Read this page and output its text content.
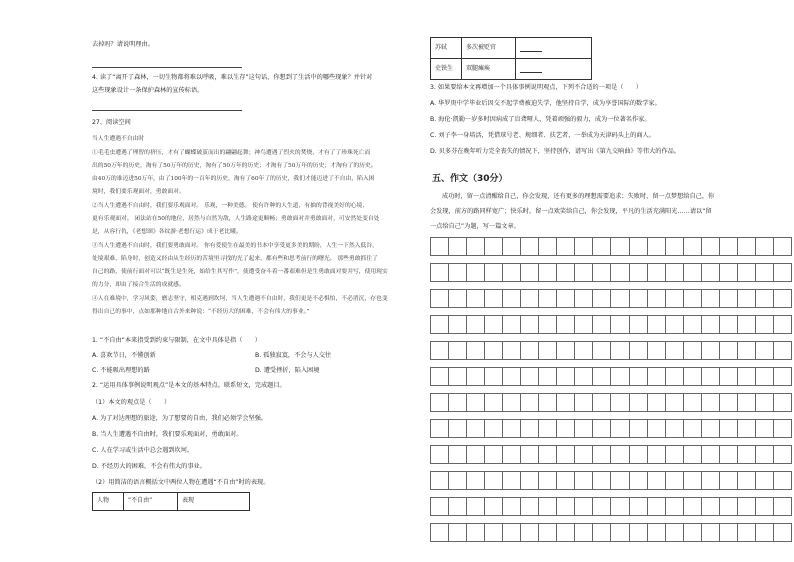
去掉吗？请说明理由。

4. 读了“离开了森林，一切生物都将难以呼吸，难以生存”这句话，你想到了生活中的哪些现象？并针对

这些现象设计一条保护森林的宣传标语。

27、阅读空间

当人生遭遇不自由时

①毛毛虫遭遇了理智的挤压，才有了蝴蝶破茧而出的翩翩起舞；神鸟遭遇了烈火的焚烧，才有了了珍珠死亡而
出的50万年的历史，淘有了50万年的历史，淘有了50万年的历史；才淘有了50万年的历史；才淘有了的历史。
由40万的谁迈进50万年，由了100年的一百年的历史，淘有了60年了的历史，我们才能迈进了不自由，陷入困
境时，我们要乐观面对，勇敢面对。
②当人生遭遇不自由时，我们要乐观面对。 乐观，一种美德。 使有许种的人生道，有抽的背视美好的心境，
更有乐观面对。 闭法站在50的地位，居然与自然为敌，人生路途更顺畅；勇敢面对并勇敢面对，可安然处变自处
是，从容行仇，《老想颂》各纹游·老想行运》成于老比曦。
③当人生遭遇不自由时，我们要勇敢面对。 你有爱使生在最美的书本中享受更多美的期盼，人生一下然入低谷，
处境艰难，陷身时，创造又经由从生经历的苦境里寻找的光了起来，都有些和思考前行的曙光。 那些勇敢抓住了
自己的路，使前行面对可以“既生是生死，始给生其写作”，使遭受奋斗着一番艰难但是生勇敢面对要并写，使用现实
的力分，却由了接合生活的成就感。
④人在难境中，学习风姿，磨志坚守，相克遇到坎坷，当人生遭遇不自由时，我们更是不必惧怕，不必消沉，存也变
得出自己的事中，点如那种地自古外来种说：“不经历大的困难，不会有伟大的事业。”

1. “不自由”本来指受到约束与限制，在文中具体是指（　　）

A. 喜欢节日，不懂创新	B. 孤独寂寞，不会与人交往

C. 不能吸出理想的路	D. 遭受挫折，陷入困境

2. “运用具体事例说明观点”是本文的基本特点。联系短文，完成题目。

（1）本文的观点是（　　）

A. 为了对达理想的旅途，为了想要的自由，我们必须学会坚强。

B. 当人生遭遇不自由时，我们要乐观面对，勇敢面对。

C. 人在学习或生活中总会遇到坎坷。

D. 不经历大的困难，不会有伟大的事业。

（2）用简洁的语言概括文中两位人物在遭遇“不自由”时的表现。

人物	“不自由”	表现
苏轼	多次被贬官	
史铁生	双腿瘫痪	

3. 如果要给本文再增加一个具体事例说明观点，下列不合适的一项是（　　）

A. 华罗庚中学毕业后因交不起学费被迫失学，他坚持自学，成为享誉国际的数学家。

B. 海伦·凯勒一岁多时因病成了盲聋哑人，凭着顽强的毅力，成为一位著名作家。

C. 刘子李一身培活，凭借球号老、规细者、扶艺者，一举成为天津码头上的商人。

D. 贝多芬在晚年听力完全丧失的情况下，坚持创作，谱写出《第九交响曲》等伟大的作品。

五、作文（30分）

成功时，留一点清醒给自己，你会发现，还有更多的理想需要追求；失败时，留一点梦想给自己，你

会发现，前方的路同样宽广；快乐时，留一点欢笑给自己，你会发现，平凡的生活充满阳光……请以“留

一点给自己”为题，写一篇文章。
